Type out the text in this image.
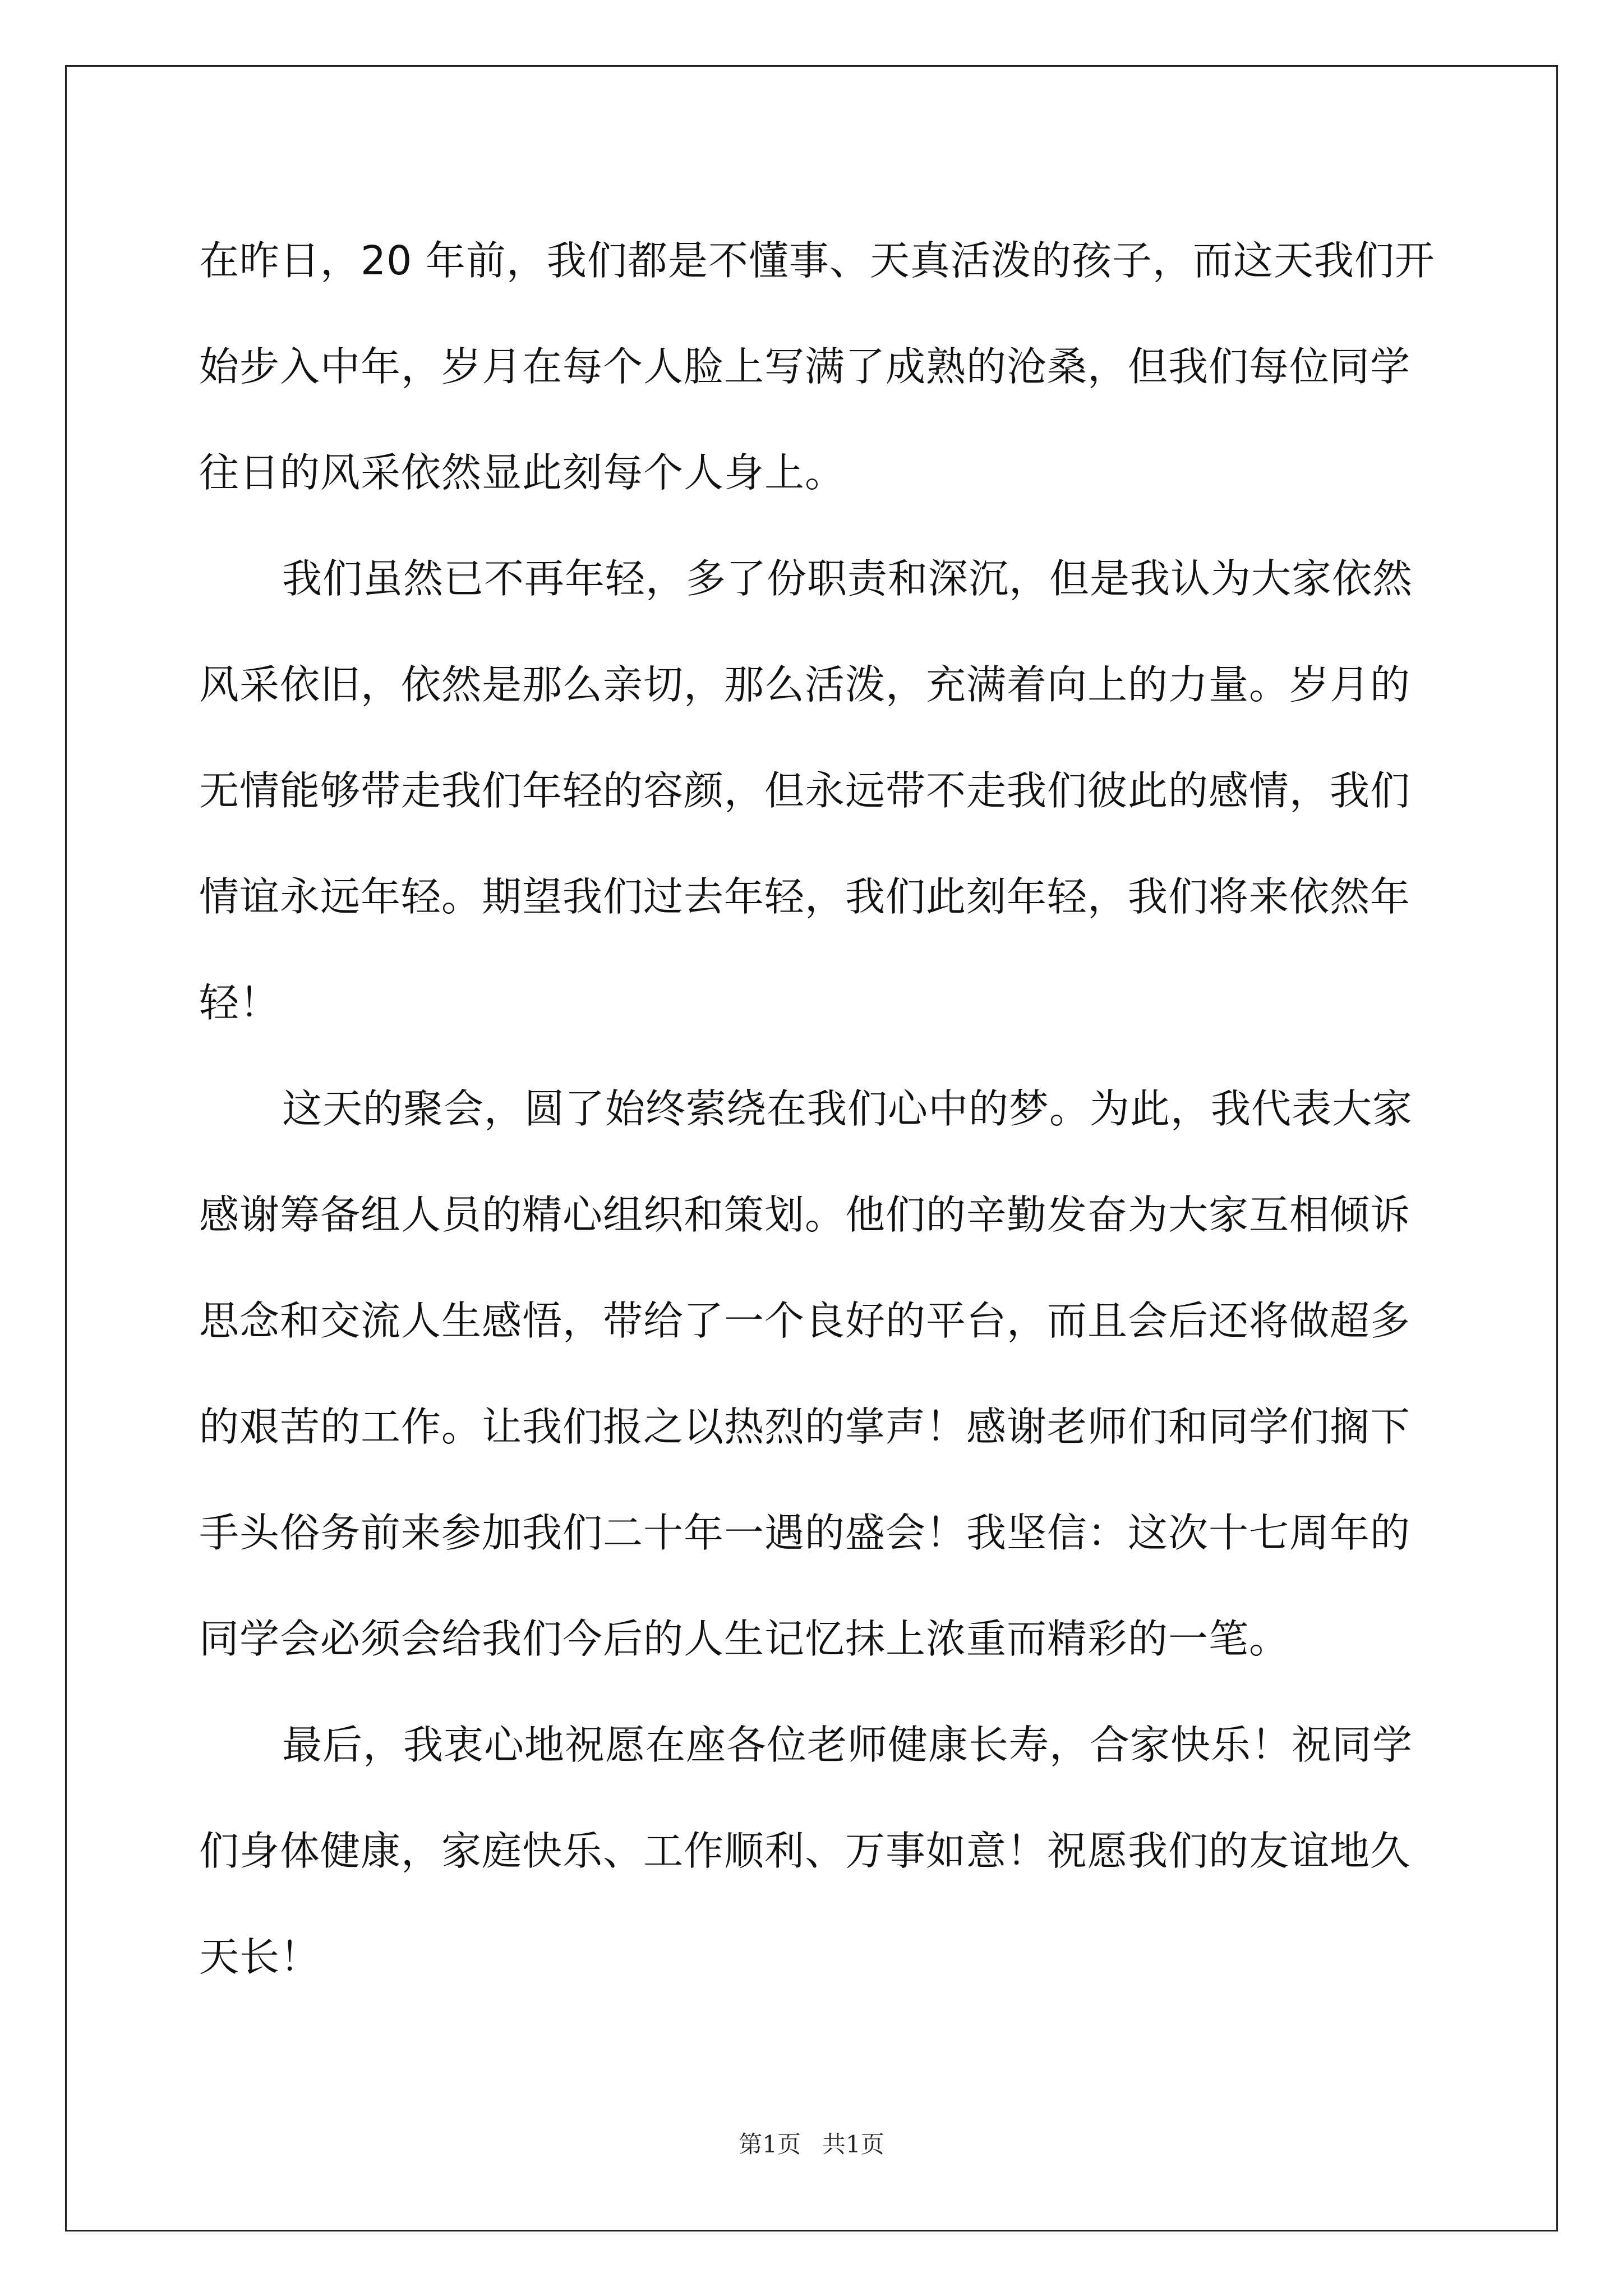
在昨日，20 年前，我们都是不懂事、天真活泼的孩子，而这天我们开
始步入中年，岁月在每个人脸上写满了成熟的沧桑，但我们每位同学
往日的风采依然显此刻每个人身上。

我们虽然已不再年轻，多了份职责和深沉，但是我认为大家依然
风采依旧，依然是那么亲切，那么活泼，充满着向上的力量。岁月的
无情能够带走我们年轻的容颜，但永远带不走我们彼此的感情，我们
情谊永远年轻。期望我们过去年轻，我们此刻年轻，我们将来依然年
轻！

这天的聚会，圆了始终萦绕在我们心中的梦。为此，我代表大家
感谢筹备组人员的精心组织和策划。他们的辛勤发奋为大家互相倾诉
思念和交流人生感悟，带给了一个良好的平台，而且会后还将做超多
的艰苦的工作。让我们报之以热烈的掌声！感谢老师们和同学们搁下
手头俗务前来参加我们二十年一遇的盛会！我坚信：这次十七周年的
同学会必须会给我们今后的人生记忆抹上浓重而精彩的一笔。

最后，我衷心地祝愿在座各位老师健康长寿，合家快乐！祝同学
们身体健康，家庭快乐、工作顺利、万事如意！祝愿我们的友谊地久
天长！

第1页 共1页
